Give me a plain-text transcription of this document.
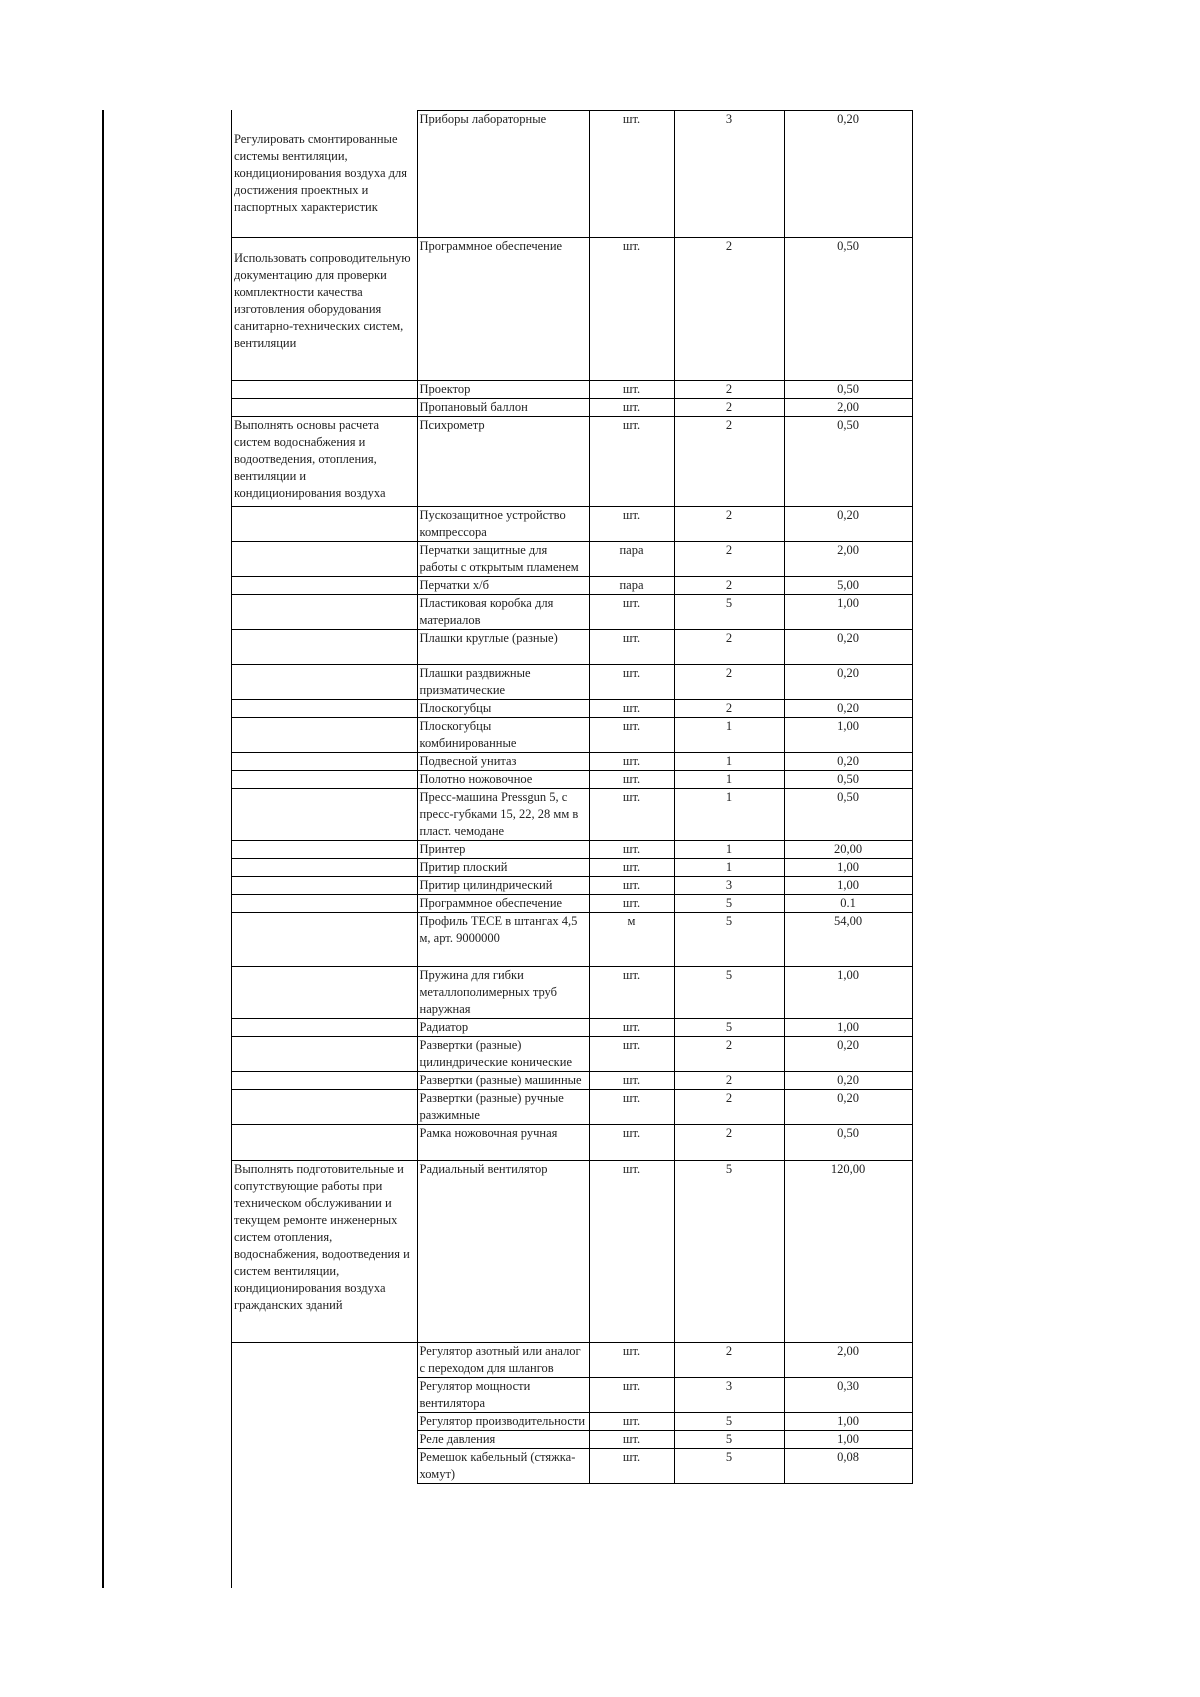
Регулировать смонтированные системы вентиляции, кондиционирования воздуха для достижения проектных и паспортных характеристик	Приборы лабораторные	шт.	3	0,20

Использовать сопроводительную документацию для проверки комплектности качества изготовления оборудования санитарно-технических систем, вентиляции	Программное обеспечение	шт.	2	0,50
	Проектор	шт.	2	0,50
	Пропановый баллон	шт.	2	2,00
Выполнять основы расчета систем водоснабжения и водоотведения, отопления, вентиляции и кондиционирования воздуха	Психрометр	шт.	2	0,50
	Пускозащитное устройство компрессора	шт.	2	0,20
	Перчатки защитные для работы с открытым пламенем	пара	2	2,00
	Перчатки х/б	пара	2	5,00
	Пластиковая коробка для материалов	шт.	5	1,00
	Плашки круглые (разные)	шт.	2	0,20
	Плашки раздвижные призматические	шт.	2	0,20
	Плоскогубцы	шт.	2	0,20
	Плоскогубцы комбинированные	шт.	1	1,00
	Подвесной унитаз	шт.	1	0,20
	Полотно ножовочное	шт.	1	0,50
	Пресс-машина Pressgun 5, с пресс-губками 15, 22, 28 мм в пласт. чемодане	шт.	1	0,50
	Принтер	шт.	1	20,00
	Притир плоский	шт.	1	1,00
	Притир цилиндрический	шт.	3	1,00
	Программное обеспечение	шт.	5	0.1
	Профиль ТЕСЕ в штангах 4,5 м, арт. 9000000	м	5	54,00
	Пружина для гибки металлополимерных труб наружная	шт.	5	1,00
	Радиатор	шт.	5	1,00
	Развертки (разные) цилиндрические конические	шт.	2	0,20
	Развертки (разные) машинные	шт.	2	0,20
	Развертки (разные) ручные разжимные	шт.	2	0,20
	Рамка ножовочная ручная	шт.	2	0,50
Выполнять подготовительные и сопутствующие работы при техническом обслуживании и текущем ремонте инженерных систем отопления, водоснабжения, водоотведения и систем вентиляции, кондиционирования воздуха гражданских зданий	Радиальный вентилятор	шт.	5	120,00
	Регулятор азотный или аналог с переходом для шлангов	шт.	2	2,00
	Регулятор мощности вентилятора	шт.	3	0,30
	Регулятор производительности	шт.	5	1,00
	Реле давления	шт.	5	1,00
	Ремешок кабельный (стяжка-хомут)	шт.	5	0,08
